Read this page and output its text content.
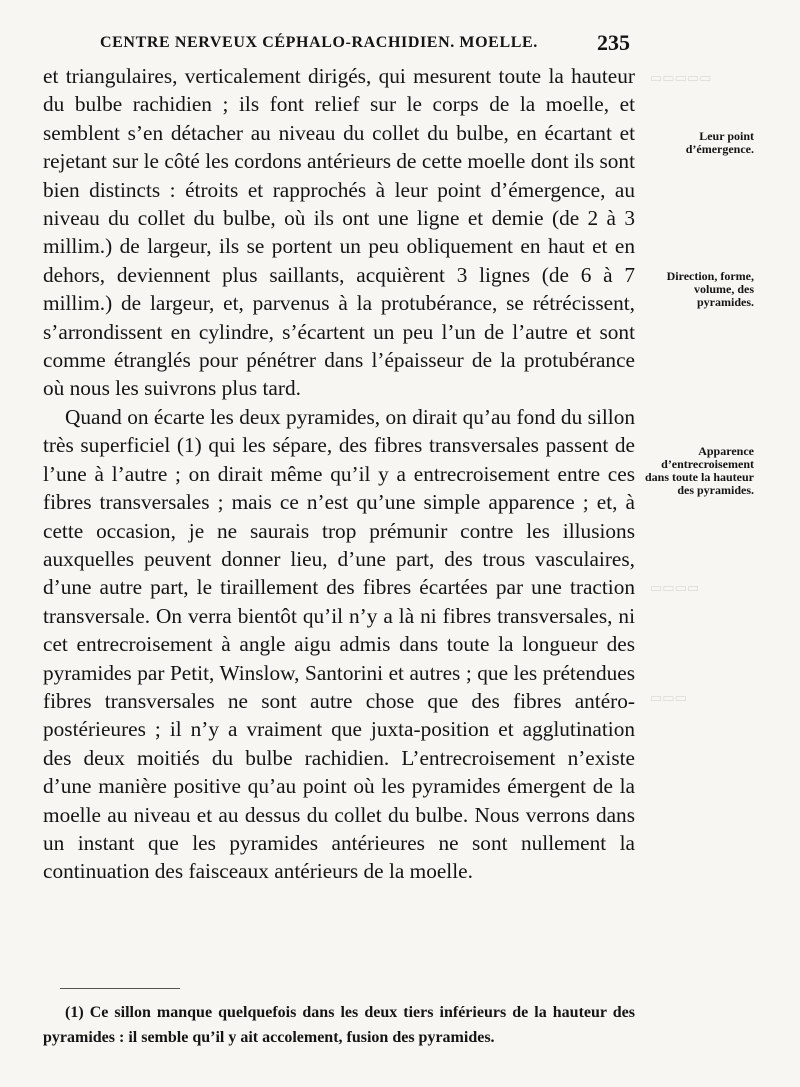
▭▭▭▭▭
▭▭▭▭
▭▭▭
CENTRE NERVEUX CÉPHALO-RACHIDIEN. MOELLE.	235

et triangulaires, verticalement dirigés, qui mesurent toute la hauteur du bulbe rachidien ; ils font relief sur le corps de la moelle, et semblent s’en détacher au niveau du collet du bulbe, en écartant et rejetant sur le côté les cordons antérieurs de cette moelle dont ils sont bien distincts : étroits et rapprochés à leur point d’émergence, au niveau du collet du bulbe, où ils ont une ligne et demie (de 2 à 3 millim.) de largeur, ils se portent un peu obliquement en haut et en dehors, deviennent plus saillants, acquièrent 3 lignes (de 6 à 7 millim.) de largeur, et, parvenus à la protubérance, se rétrécissent, s’arrondissent en cylindre, s’écartent un peu l’un de l’autre et sont comme étranglés pour pénétrer dans l’épaisseur de la protubérance où nous les suivrons plus tard.

Quand on écarte les deux pyramides, on dirait qu’au fond du sillon très superficiel (1) qui les sépare, des fibres transversales passent de l’une à l’autre ; on dirait même qu’il y a entrecroisement entre ces fibres transversales ; mais ce n’est qu’une simple apparence ; et, à cette occasion, je ne saurais trop prémunir contre les illusions auxquelles peuvent donner lieu, d’une part, des trous vasculaires, d’une autre part, le tiraillement des fibres écartées par une traction transversale. On verra bientôt qu’il n’y a là ni fibres transversales, ni cet entrecroisement à angle aigu admis dans toute la longueur des pyramides par Petit, Winslow, Santorini et autres ; que les prétendues fibres transversales ne sont autre chose que des fibres antéro-postérieures ; il n’y a vraiment que juxta-position et agglutination des deux moitiés du bulbe rachidien. L’entrecroisement n’existe d’une manière positive qu’au point où les pyramides émergent de la moelle au niveau et au dessus du collet du bulbe. Nous verrons dans un instant que les pyramides antérieures ne sont nullement la continuation des faisceaux antérieurs de la moelle.

Leur point d’émergence.
Direction, forme, volume, des pyramides.
Apparence d’entrecroisement dans toute la hauteur des pyramides.
(1) Ce sillon manque quelquefois dans les deux tiers inférieurs de la hauteur des pyramides : il semble qu’il y ait accolement, fusion des pyramides.
